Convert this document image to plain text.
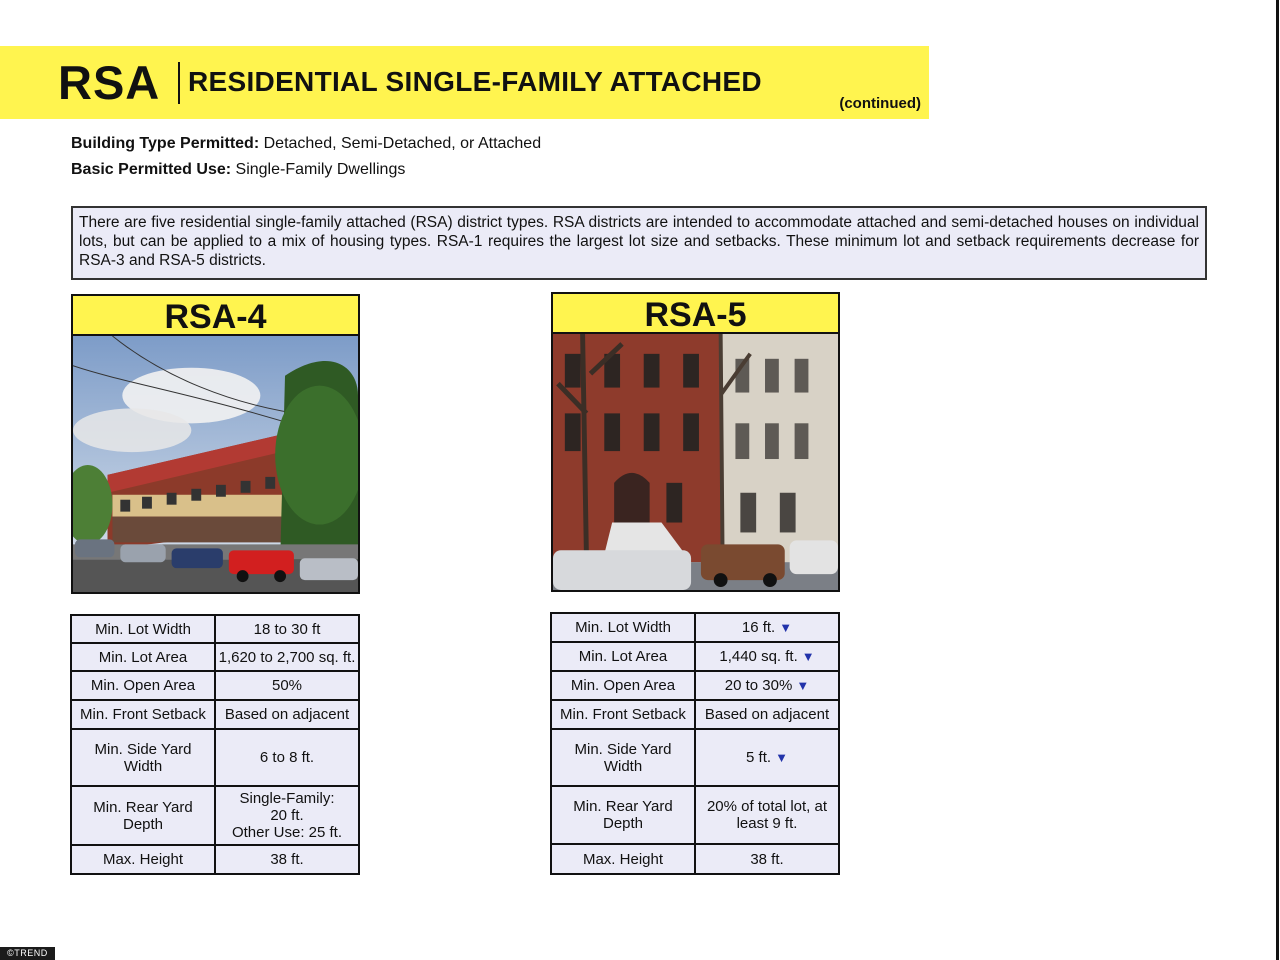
RSA RESIDENTIAL SINGLE-FAMILY ATTACHED
(continued)
Building Type Permitted: Detached, Semi-Detached, or Attached
Basic Permitted Use: Single-Family Dwellings
There are five residential single-family attached (RSA) district types. RSA districts are intended to accommodate attached and semi-detached houses on individual lots, but can be applied to a mix of housing types. RSA-1 requires the largest lot size and setbacks. These minimum lot and setback requirements decrease for RSA-3 and RSA-5 districts.
RSA-4
Min. Lot Width	18 to 30 ft
Min. Lot Area	1,620 to 2,700 sq. ft.
Min. Open Area	50%
Min. Front Setback	Based on adjacent
Min. Side Yard Width	6 to 8 ft.
Min. Rear Yard Depth	Single-Family:
20 ft.
Other Use: 25 ft.

Max. Height	38 ft.
RSA-5
Min. Lot Width	16 ft. ▼
Min. Lot Area	1,440 sq. ft. ▼
Min. Open Area	20 to 30% ▼
Min. Front Setback	Based on adjacent
Min. Side Yard Width	5 ft. ▼
Min. Rear Yard Depth	20% of total lot, at
least 9 ft.

Max. Height	38 ft.
©TREND
